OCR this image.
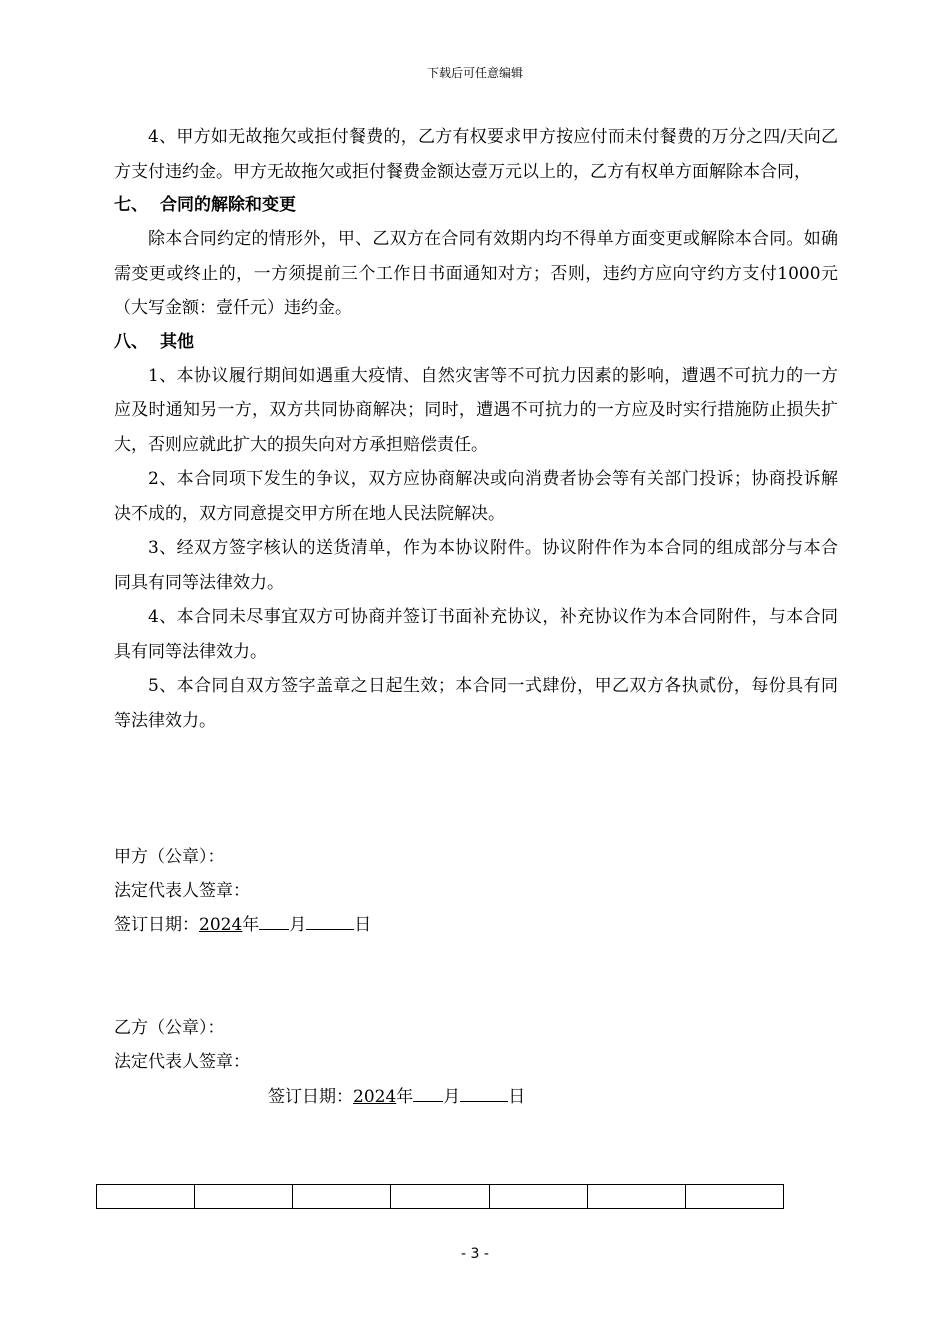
下载后可任意编辑

4、甲方如无故拖欠或拒付餐费的，乙方有权要求甲方按应付而未付餐费的万分之四/天向乙方支付违约金。甲方无故拖欠或拒付餐费金额达壹万元以上的，乙方有权单方面解除本合同，

七、 合同的解除和变更

除本合同约定的情形外，甲、乙双方在合同有效期内均不得单方面变更或解除本合同。如确需变更或终止的，一方须提前三个工作日书面通知对方；否则，违约方应向守约方支付1000元（大写金额：壹仟元）违约金。

八、 其他

1、本协议履行期间如遇重大疫情、自然灾害等不可抗力因素的影响，遭遇不可抗力的一方应及时通知另一方，双方共同协商解决；同时，遭遇不可抗力的一方应及时实行措施防止损失扩大，否则应就此扩大的损失向对方承担赔偿责任。

2、本合同项下发生的争议，双方应协商解决或向消费者协会等有关部门投诉；协商投诉解决不成的，双方同意提交甲方所在地人民法院解决。

3、经双方签字核认的送货清单，作为本协议附件。协议附件作为本合同的组成部分与本合同具有同等法律效力。

4、本合同未尽事宜双方可协商并签订书面补充协议，补充协议作为本合同附件，与本合同具有同等法律效力。

5、本合同自双方签字盖章之日起生效；本合同一式肆份，甲乙双方各执贰份，每份具有同等法律效力。

甲方（公章）：
法定代表人签章：
签订日期：2024年 月	日
乙方（公章）：
法定代表人签章：
签订日期：2024年 月	日

- 3 -
